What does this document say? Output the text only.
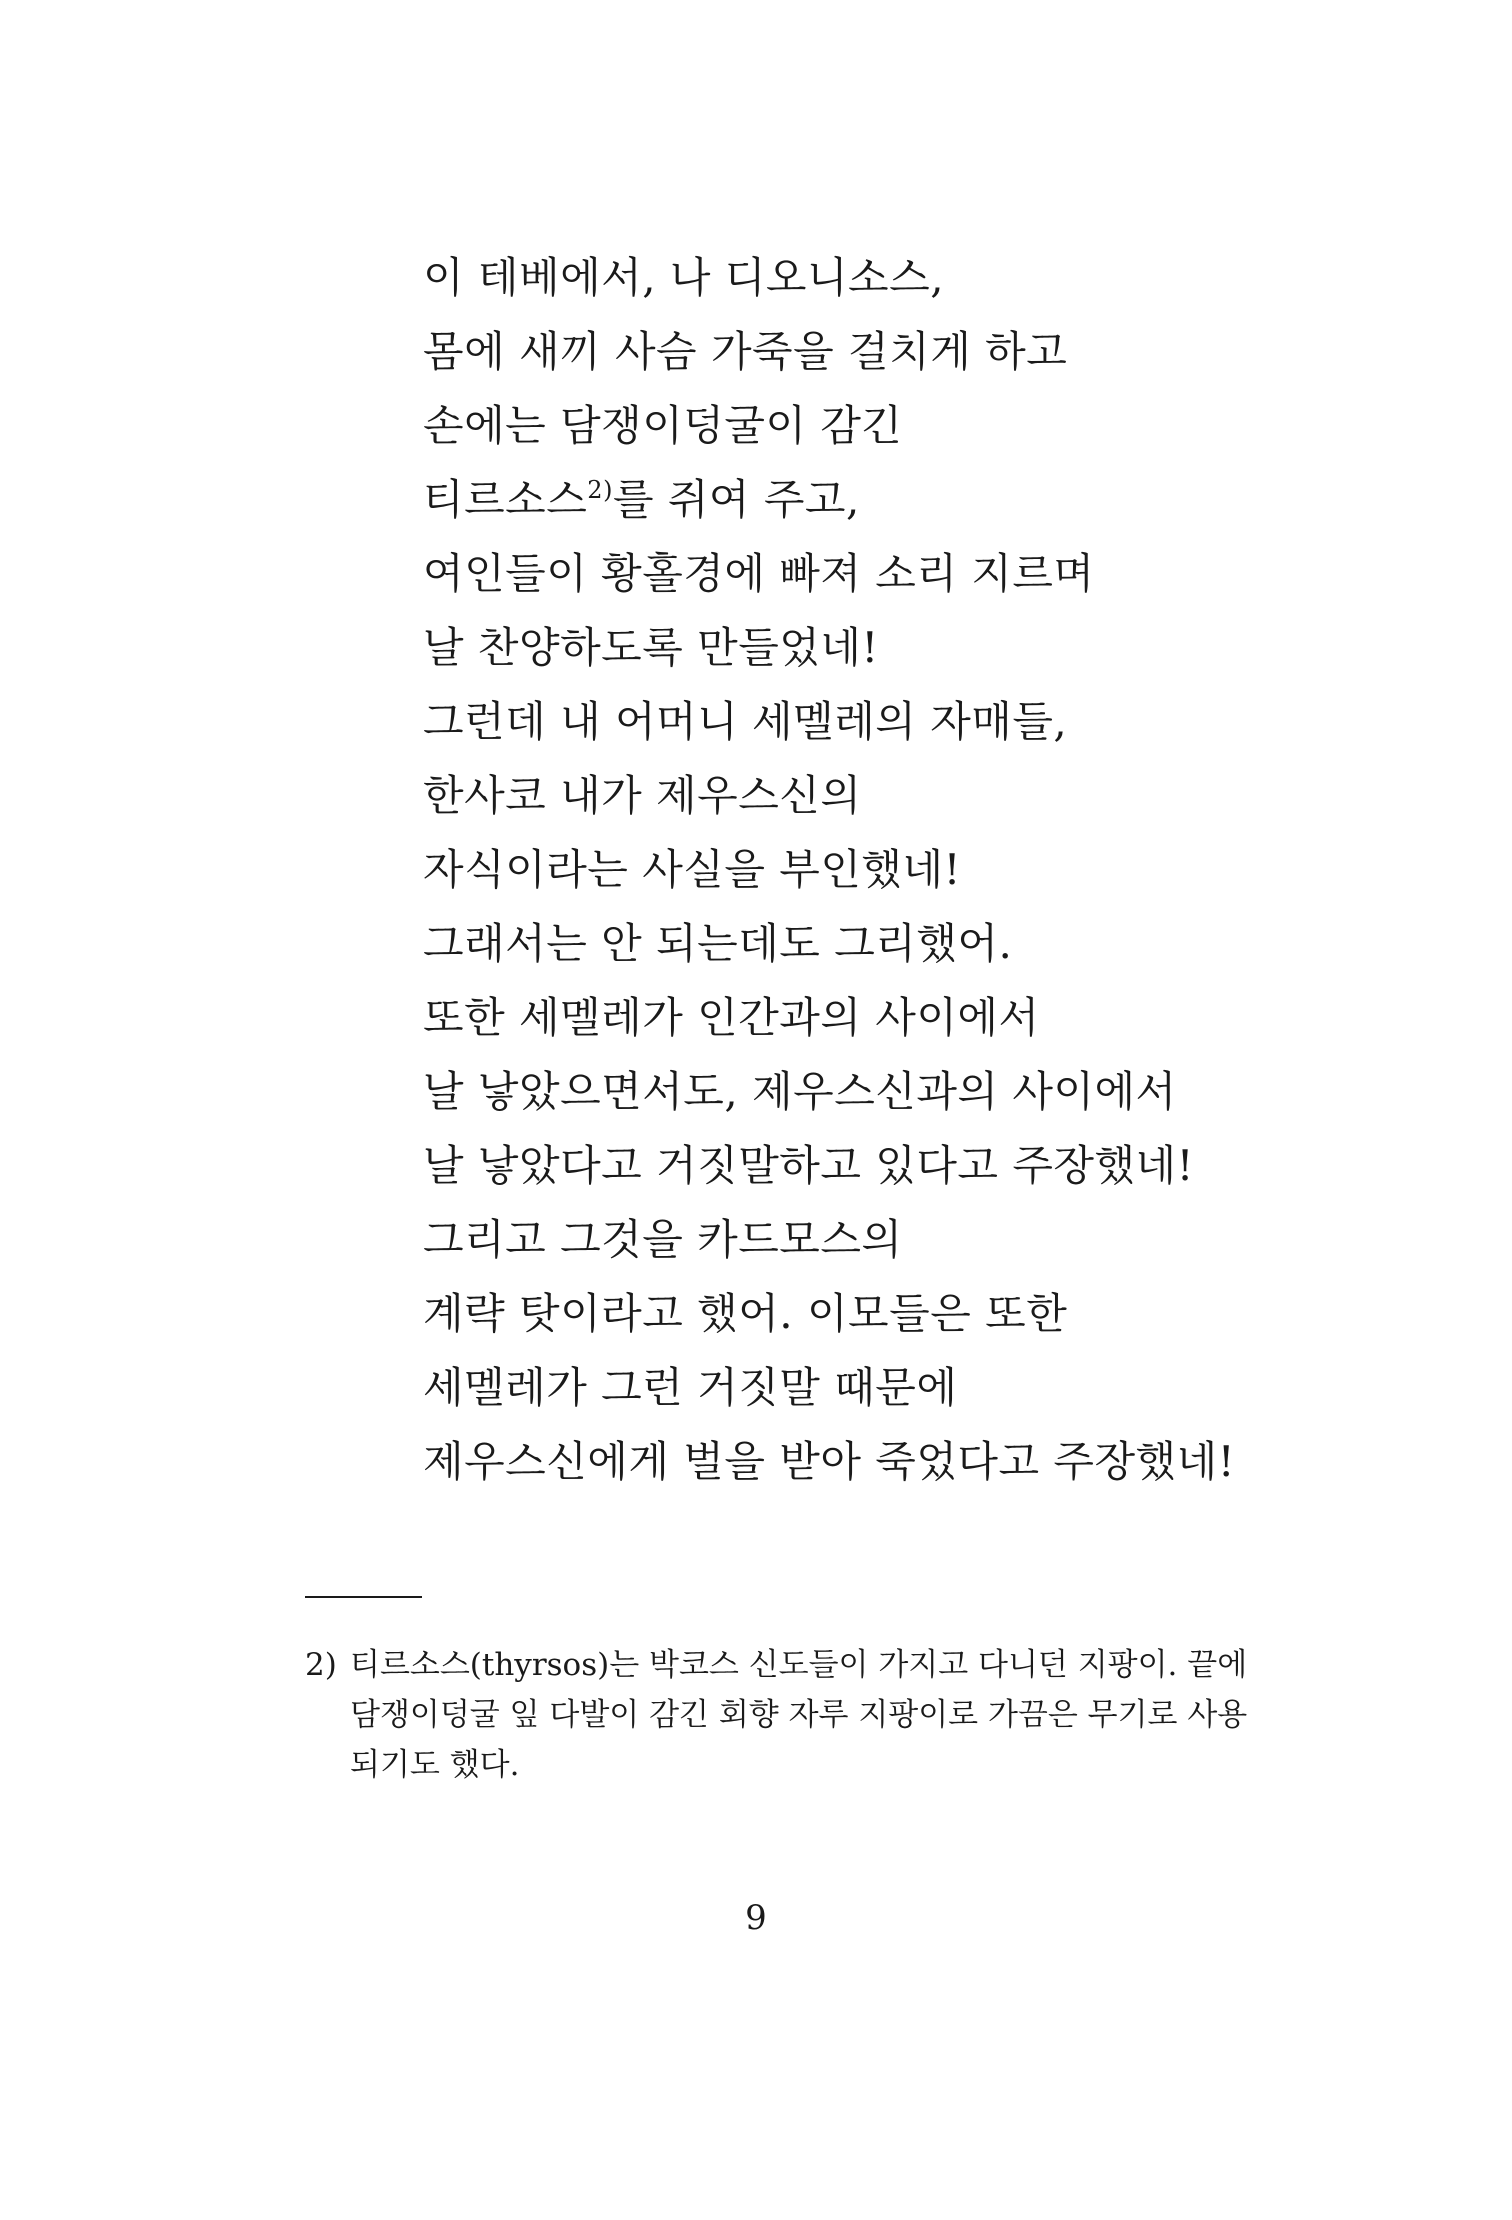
이 테베에서, 나 디오니소스,
몸에 새끼 사슴 가죽을 걸치게 하고
손에는 담쟁이덩굴이 감긴
티르소스$^{2)}$를 쥐여 주고,
여인들이 황홀경에 빠져 소리 지르며
날 찬양하도록 만들었네!
그런데 내 어머니 세멜레의 자매들,
한사코 내가 제우스신의
자식이라는 사실을 부인했네!
그래서는 안 되는데도 그리했어.
또한 세멜레가 인간과의 사이에서
날 낳았으면서도, 제우스신과의 사이에서
날 낳았다고 거짓말하고 있다고 주장했네!
그리고 그것을 카드모스의
계략 탓이라고 했어. 이모들은 또한
세멜레가 그런 거짓말 때문에
제우스신에게 벌을 받아 죽었다고 주장했네!
2) 티르소스(thyrsos)는 박코스 신도들이 가지고 다니던 지팡이. 끝에
담쟁이덩굴 잎 다발이 감긴 회향 자루 지팡이로 가끔은 무기로 사용
되기도 했다.
9
